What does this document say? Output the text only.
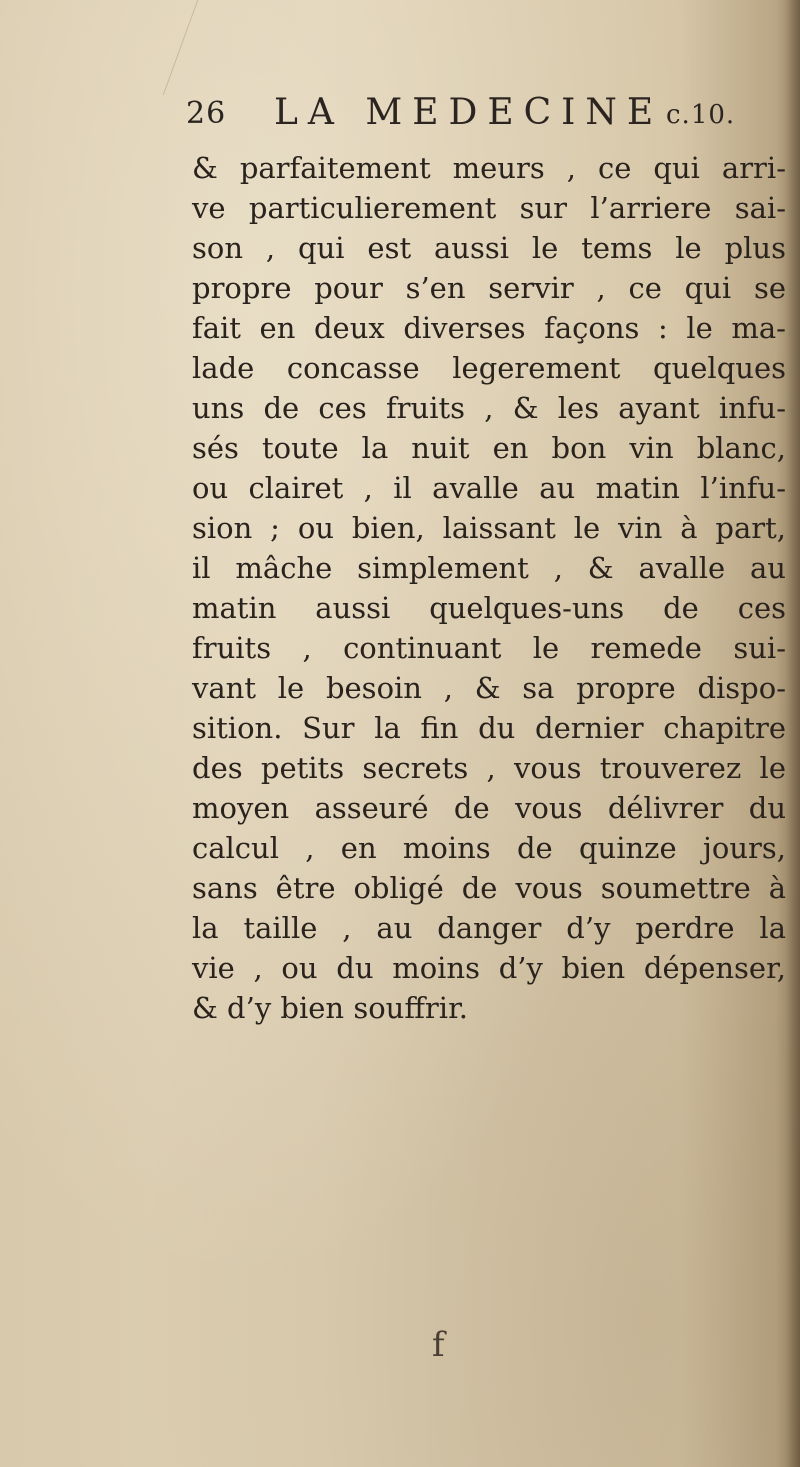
26 LA MEDECINE c.10.
& parfaitement meurs , ce qui arri-
ve particulierement sur l’arriere sai-
son , qui est aussi le tems le plus
propre pour s’en servir , ce qui se
fait en deux diverses façons : le ma-
lade concasse legerement quelques
uns de ces fruits , & les ayant infu-
sés toute la nuit en bon vin blanc,
ou clairet , il avalle au matin l’infu-
sion ; ou bien, laissant le vin à part,
il mâche simplement , & avalle au
matin aussi quelques-uns de ces
fruits , continuant le remede sui-
vant le besoin , & sa propre dispo-
sition. Sur la fin du dernier chapitre
des petits secrets , vous trouverez le
moyen asseuré de vous délivrer du
calcul , en moins de quinze jours,
sans être obligé de vous soumettre à
la taille , au danger d’y perdre la
vie , ou du moins d’y bien dépenser,
& d’y bien souffrir.
f
